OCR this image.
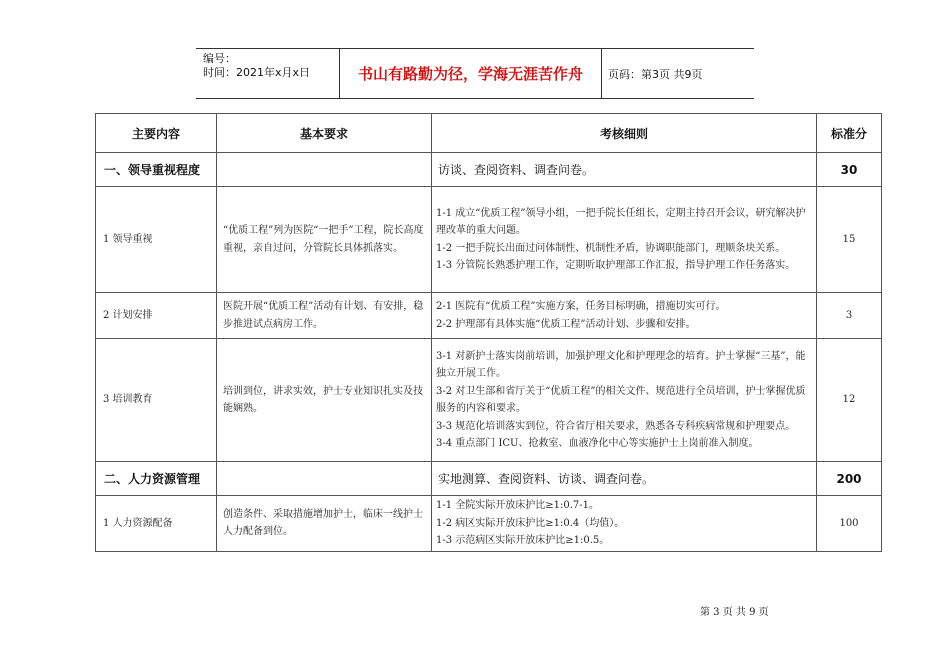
编号：
时间：2021年x月x日	书山有路勤为径，学海无涯苦作舟	页码：第3页 共9页
主要内容	基本要求	考核细则	标准分
一、领导重视程度		访谈、查阅资料、调查问卷。	30
1 领导重视	“优质工程”列为医院“一把手”工程，院长高度重视，亲自过问，分管院长具体抓落实。	1-1 成立“优质工程”领导小组，一把手院长任组长，定期主持召开会议，研究解决护理改革的重大问题。
1-2 一把手院长出面过问体制性、机制性矛盾，协调职能部门，理顺条块关系。
1-3 分管院长熟悉护理工作，定期听取护理部工作汇报，指导护理工作任务落实。	15
2 计划安排	医院开展“优质工程”活动有计划、有安排，稳步推进试点病房工作。	2-1 医院有“优质工程”实施方案，任务目标明确，措施切实可行。
2-2 护理部有具体实施“优质工程”活动计划、步骤和安排。	3
3 培训教育	培训到位，讲求实效，护士专业知识扎实及技能娴熟。	3-1 对新护士落实岗前培训，加强护理文化和护理理念的培育。护士掌握“三基”，能独立开展工作。
3-2 对卫生部和省厅关于“优质工程”的相关文件、规范进行全员培训，护士掌握优质服务的内容和要求。
3-3 规范化培训落实到位，符合省厅相关要求，熟悉各专科疾病常规和护理要点。
3-4 重点部门 ICU、抢救室、血液净化中心等实施护士上岗前准入制度。	12
二、人力资源管理		实地测算、查阅资料、访谈、调查问卷。	200
1 人力资源配备	创造条件、采取措施增加护士，临床一线护士人力配备到位。	1-1 全院实际开放床护比≥1:0.7-1。
1-2 病区实际开放床护比≥1:0.4（均值）。
1-3 示范病区实际开放床护比≥1:0.5。	100
第 3 页 共 9 页
